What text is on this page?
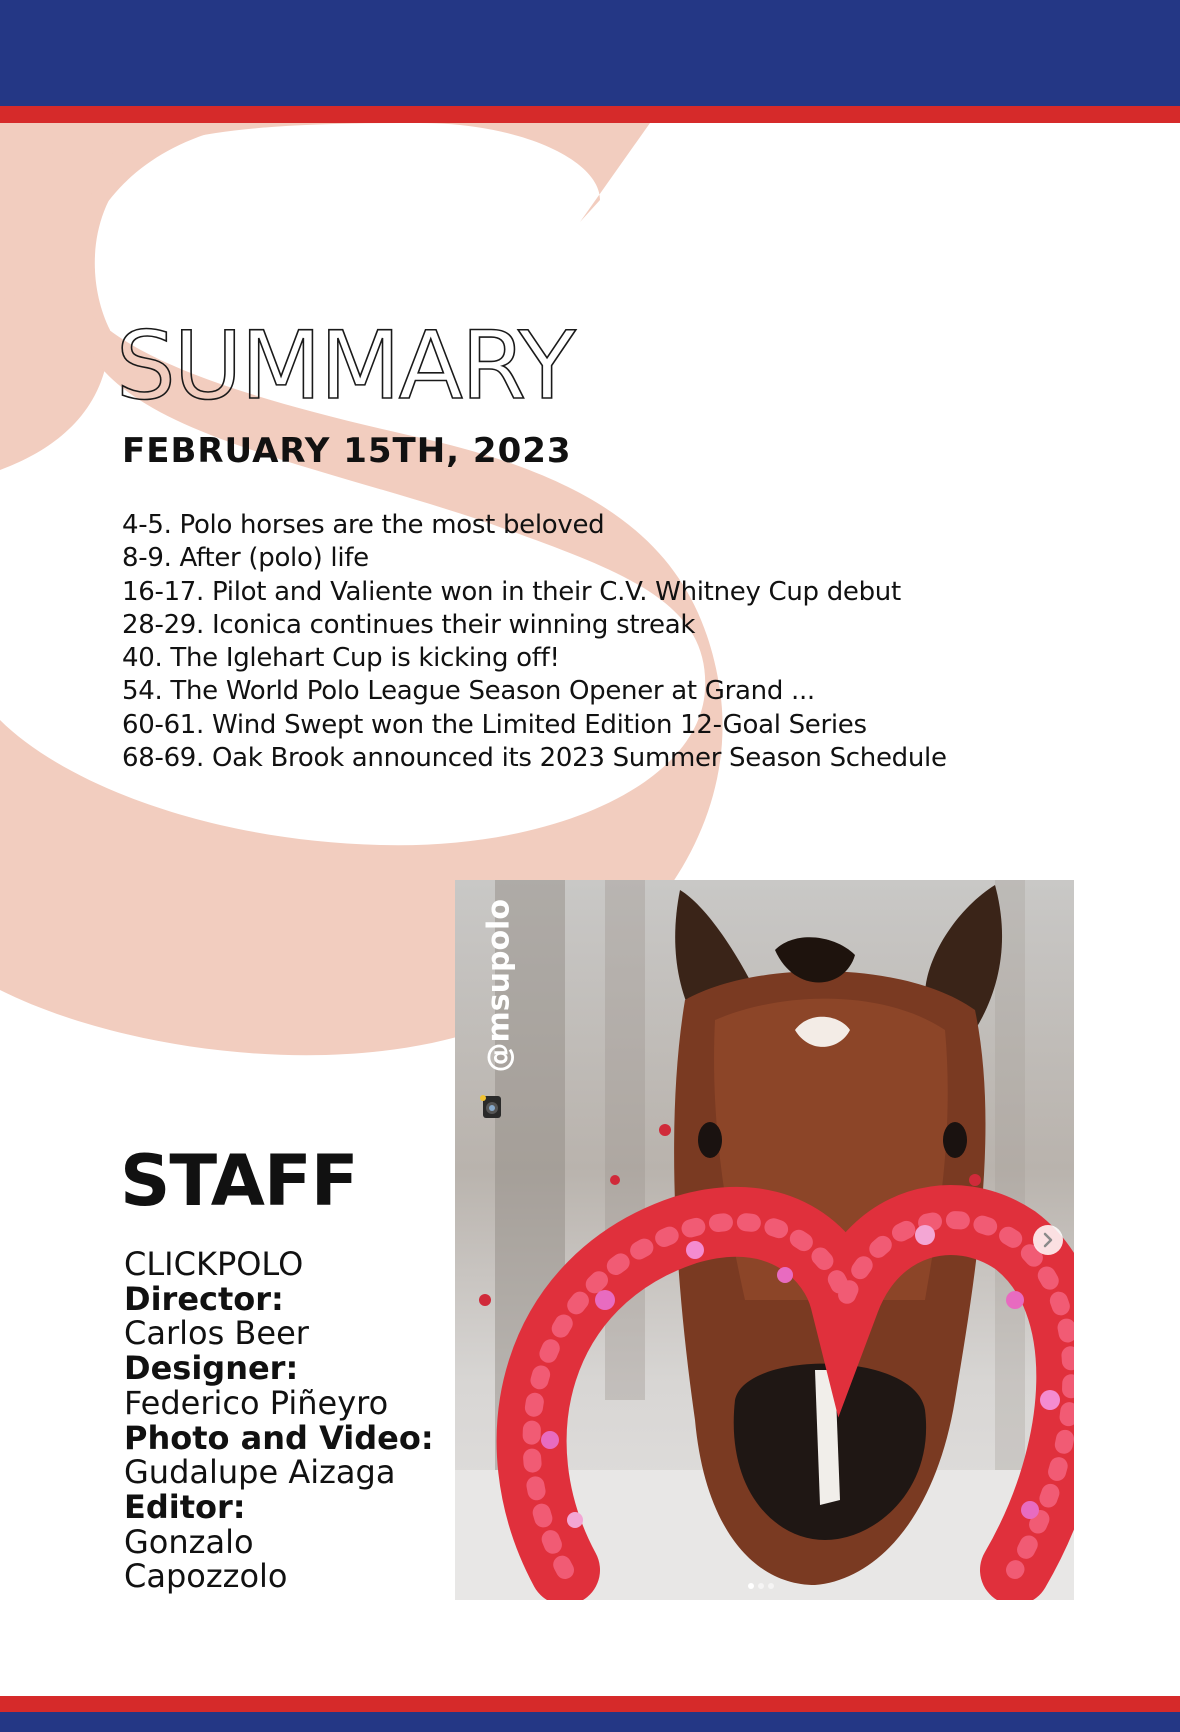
SUMMARY
FEBRUARY 15TH, 2023
4-5. Polo horses are the most beloved
8-9. After (polo) life
16-17. Pilot and Valiente won in their C.V. Whitney Cup debut
28-29. Iconica continues their winning streak
40. The Iglehart Cup is kicking off!
54. The World Polo League Season Opener at Grand ...
60-61. Wind Swept won the Limited Edition 12-Goal Series
68-69. Oak Brook announced its 2023 Summer Season Schedule
STAFF
CLICKPOLO
Director:
Carlos Beer
Designer:
Federico Piñeyro
Photo and Video:
Gudalupe Aizaga
Editor:
Gonzalo
Capozzolo
@msupolo
